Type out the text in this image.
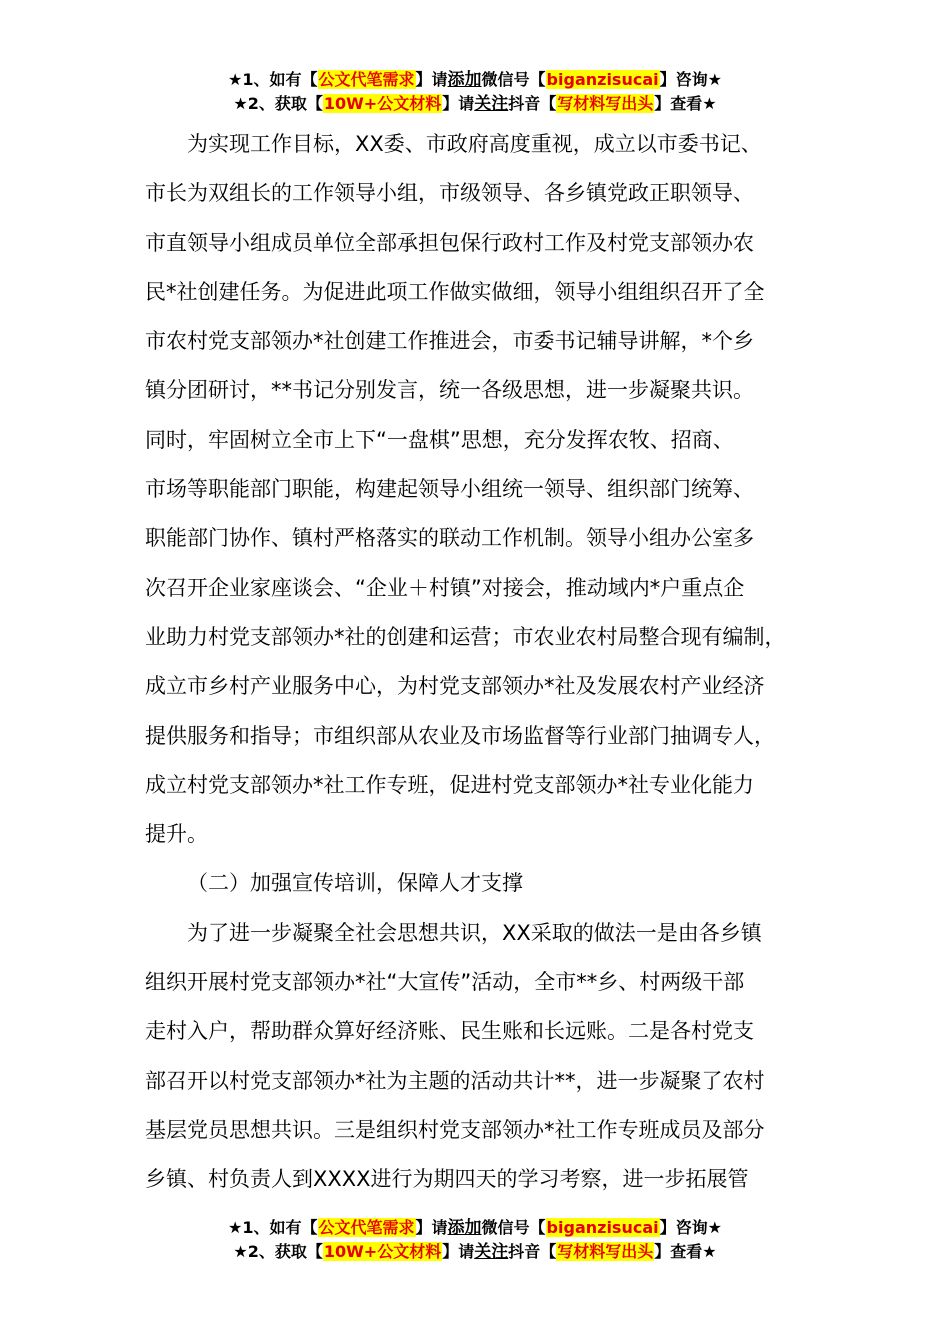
★1、如有【公文代笔需求】请添加微信号【biganzisucai】咨询★
★2、获取【10W+公文材料】请关注抖音【写材料写出头】查看★

为实现工作目标，XX委、市政府高度重视，成立以市委书记、

市长为双组长的工作领导小组，市级领导、各乡镇党政正职领导、

市直领导小组成员单位全部承担包保行政村工作及村党支部领办农

民*社创建任务。为促进此项工作做实做细，领导小组组织召开了全

市农村党支部领办*社创建工作推进会，市委书记辅导讲解，*个乡

镇分团研讨，**书记分别发言，统一各级思想，进一步凝聚共识。

同时，牢固树立全市上下“一盘棋”思想，充分发挥农牧、招商、

市场等职能部门职能，构建起领导小组统一领导、组织部门统筹、

职能部门协作、镇村严格落实的联动工作机制。领导小组办公室多

次召开企业家座谈会、“企业＋村镇”对接会，推动域内*户重点企

业助力村党支部领办*社的创建和运营；市农业农村局整合现有编制，

成立市乡村产业服务中心，为村党支部领办*社及发展农村产业经济

提供服务和指导；市组织部从农业及市场监督等行业部门抽调专人，

成立村党支部领办*社工作专班，促进村党支部领办*社专业化能力

提升。

（二）加强宣传培训，保障人才支撑

为了进一步凝聚全社会思想共识，XX采取的做法一是由各乡镇

组织开展村党支部领办*社“大宣传”活动，全市**乡、村两级干部

走村入户，帮助群众算好经济账、民生账和长远账。二是各村党支

部召开以村党支部领办*社为主题的活动共计**，进一步凝聚了农村

基层党员思想共识。三是组织村党支部领办*社工作专班成员及部分

乡镇、村负责人到XXXX进行为期四天的学习考察，进一步拓展管

★1、如有【公文代笔需求】请添加微信号【biganzisucai】咨询★
★2、获取【10W+公文材料】请关注抖音【写材料写出头】查看★
